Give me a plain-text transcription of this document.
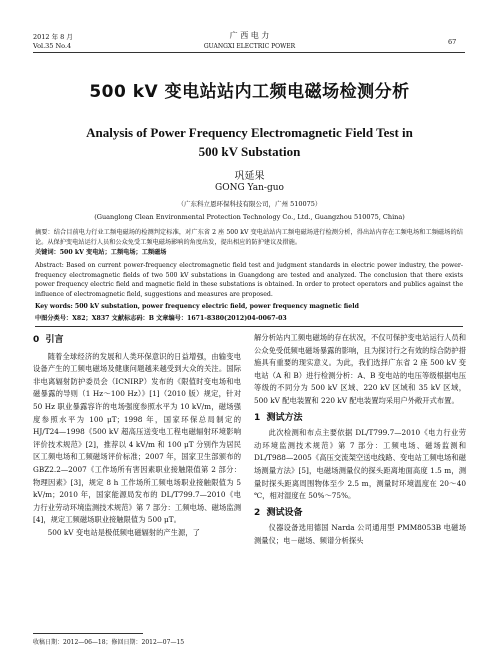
2012 年 8 月
Vol.35 No.4
广 西 电 力
GUANGXI ELECTRIC POWER
67
500 kV 变电站站内工频电磁场检测分析
Analysis of Power Frequency Electromagnetic Field Test in
500 kV Substation
巩延果
GONG Yan-guo
（广东科立恩环保科技有限公司，广州 510075）
(Guanglong Clean Environmental Protection Technology Co., Ltd., Guangzhou 510075, China)
摘要：结合目前电力行业工频电磁场的检测判定标准，对广东省 2 座 500 kV 变电站站内工频电磁场进行检测分析，得出站内存在工频电场和工频磁场的结论。从保护变电站运行人员和公众免受工频电磁场影响的角度出发，提出相应的防护建议及措施。
关键词：500 kV 变电站；工频电场；工频磁场
Abstract: Based on current power-frequency electromagnetic field test and judgment standards in electric power industry, the power-frequency electromagnetic fields of two 500 kV substations in Guangdong are tested and analyzed. The conclusion that there exists power frequency electric field and magnetic field in these substations is obtained. In order to protect operators and publics against the influence of electromagnetic field, suggestions and measures are proposed.
Key words: 500 kV substation, power frequency electric field, power frequency magnetic field
中图分类号：X82；X837 文献标志码：B 文章编号：1671-8380(2012)04-0067-03
0 引言

随着全球经济的发展和人类环保意识的日益增强，由输变电设备产生的工频电磁场及健康问题越来越受到大众的关注。国际非电离辐射防护委员会（ICNIRP）发布的《限值时变电场和电磁暴露的导则（1 Hz～100 Hz）》[1]（2010 版）规定，针对 50 Hz 职业暴露容许的电场强度参照水平为 10 kV/m，磁场强度参照水平为 100 μT；1998 年，国家环保总局制定的 HJ/T24—1998《500 kV 超高压送变电工程电磁辐射环境影响评价技术规范》[2]，推荐以 4 kV/m 和 100 μT 分别作为居民区工频电场和工频磁场评价标准；2007 年，国家卫生部颁布的 GBZ2.2—2007《工作场所有害因素职业接触限值第 2 部分：物理因素》[3]，规定 8 h 工作场所工频电场职业接触限值为 5 kV/m；2010 年，国家能源局发布的 DL/T799.7—2010《电力行业劳动环境监测技术规范》第 7 部分：工频电场、磁场监测[4]，规定工频磁场职业接触限值为 500 μT。

500 kV 变电站是极低频电磁辐射的产生源，了

解分析站内工频电磁场的存在状况，不仅可保护变电站运行人员和公众免受低频电磁场暴露的影响，且为探讨行之有效的综合防护措施具有重要的现实意义。为此，我们选择广东省 2 座 500 kV 变电站（A 和 B）进行检测分析：A、B 变电站的电压等级根据电压等级的不同分为 500 kV 区域、220 kV 区域和 35 kV 区域，500 kV 配电装置和 220 kV 配电装置均采用户外敞开式布置。

1 测试方法

此次检测和布点主要依据 DL/T799.7—2010《电力行业劳动环境监测技术规范》第 7 部分：工频电场、磁场监测和 DL/T988—2005《高压交流架空送电线路、变电站工频电场和磁场测量方法》[5]，电磁场测量仪的探头距离地面高度 1.5 m，测量时探头距离周围物体至少 2.5 m，测量时环境温度在 20～40 ℃，相对湿度在 50%～75%。

2 测试设备

仪器设备选用德国 Narda 公司通用型 PMM8053B 电磁场测量仪；电－磁场、频谱分析探头

收稿日期：2012—06—18；修回日期：2012—07—15
